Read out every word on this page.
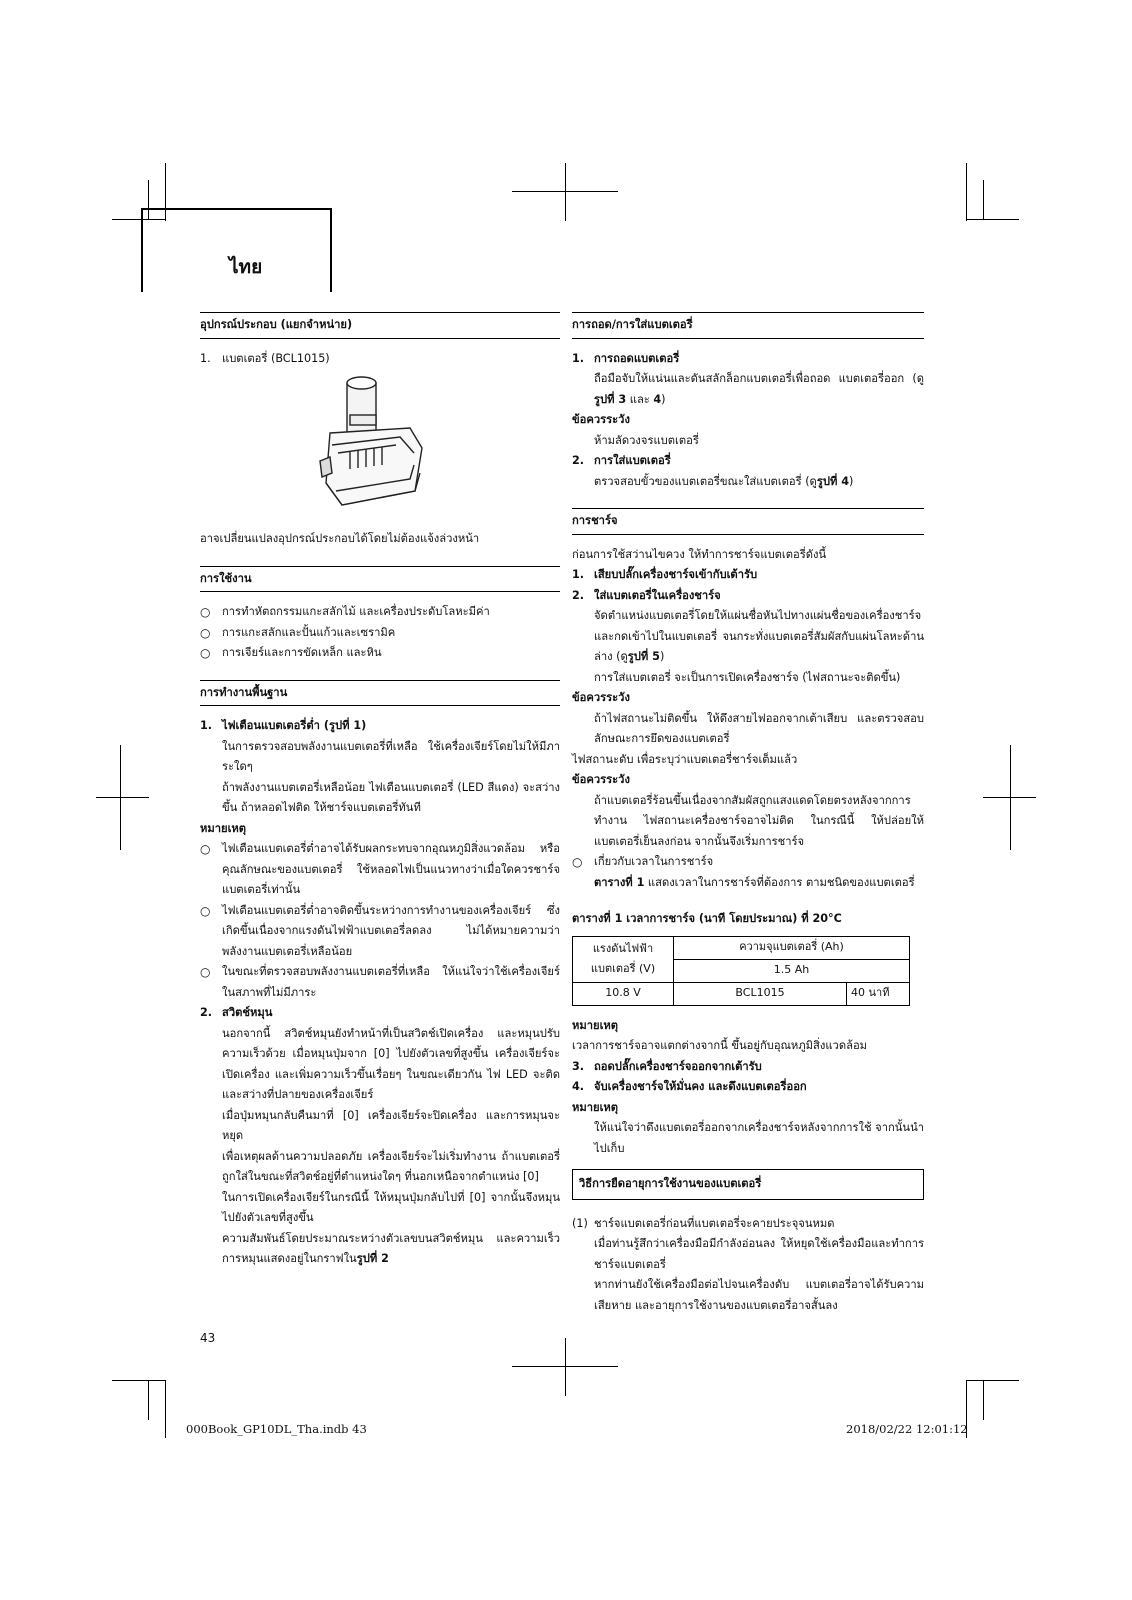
ไทย
อุปกรณ์ประกอบ (แยกจำหน่าย)
1.	แบตเตอรี่ (BCL1015)

อาจเปลี่ยนแปลงอุปกรณ์ประกอบได้โดยไม่ต้องแจ้งล่วงหน้า

การใช้งาน
○	การทำหัตถกรรมแกะสลักไม้ และเครื่องประดับโลหะมีค่า
○	การแกะสลักและปั้นแก้วและเซรามิค
○	การเจียร์และการขัดเหล็ก และหิน
การทำงานพื้นฐาน
1. ไฟเตือนแบตเตอรี่ต่ำ (รูปที่ 1)

ในการตรวจสอบพลังงานแบตเตอรี่ที่เหลือ ใช้เครื่องเจียร์โดยไม่ให้มีภาระใดๆ

ถ้าพลังงานแบตเตอรี่เหลือน้อย ไฟเตือนแบตเตอรี่ (LED สีแดง) จะสว่างขึ้น ถ้าหลอดไฟติด ให้ชาร์จแบตเตอรี่ทันที

หมายเหตุ

○	ไฟเตือนแบตเตอรี่ต่ำอาจได้รับผลกระทบจากอุณหภูมิสิ่งแวดล้อม หรือคุณลักษณะของแบตเตอรี่ ใช้หลอดไฟเป็นแนวทางว่าเมื่อใดควรชาร์จแบตเตอรี่เท่านั้น
○	ไฟเตือนแบตเตอรี่ต่ำอาจติดขึ้นระหว่างการทำงานของเครื่องเจียร์ ซึ่งเกิดขึ้นเนื่องจากแรงดันไฟฟ้าแบตเตอรี่ลดลง ไม่ได้หมายความว่าพลังงานแบตเตอรี่เหลือน้อย
○	ในขณะที่ตรวจสอบพลังงานแบตเตอรี่ที่เหลือ ให้แน่ใจว่าใช้เครื่องเจียร์ในสภาพที่ไม่มีภาระ
2. สวิตช์หมุน

นอกจากนี้ สวิตช์หมุนยังทำหน้าที่เป็นสวิตช์เปิดเครื่อง และหมุนปรับความเร็วด้วย เมื่อหมุนปุ่มจาก [0] ไปยังตัวเลขที่สูงขึ้น เครื่องเจียร์จะเปิดเครื่อง และเพิ่มความเร็วขึ้นเรื่อยๆ ในขณะเดียวกัน ไฟ LED จะติด และสว่างที่ปลายของเครื่องเจียร์

เมื่อปุ่มหมุนกลับคืนมาที่ [0] เครื่องเจียร์จะปิดเครื่อง และการหมุนจะหยุด

เพื่อเหตุผลด้านความปลอดภัย เครื่องเจียร์จะไม่เริ่มทำงาน ถ้าแบตเตอรี่ถูกใส่ในขณะที่สวิตช์อยู่ที่ตำแหน่งใดๆ ที่นอกเหนือจากตำแหน่ง [0]

ในการเปิดเครื่องเจียร์ในกรณีนี้ ให้หมุนปุ่มกลับไปที่ [0] จากนั้นจึงหมุนไปยังตัวเลขที่สูงขึ้น

ความสัมพันธ์โดยประมาณระหว่างตัวเลขบนสวิตช์หมุน และความเร็วการหมุนแสดงอยู่ในกราฟในรูปที่ 2

การถอด/การใส่แบตเตอรี่
1. การถอดแบตเตอรี่

ถือมือจับให้แน่นและดันสลักล็อกแบตเตอรี่เพื่อถอด แบตเตอรี่ออก (ดูรูปที่ 3 และ 4)

ข้อควรระวัง

ห้ามลัดวงจรแบตเตอรี่

2. การใส่แบตเตอรี่

ตรวจสอบขั้วของแบตเตอรี่ขณะใส่แบตเตอรี่ (ดูรูปที่ 4)

การชาร์จ

ก่อนการใช้สว่านไขควง ให้ทำการชาร์จแบตเตอรี่ดังนี้

1. เสียบปลั๊กเครื่องชาร์จเข้ากับเต้ารับ
2. ใส่แบตเตอรี่ในเครื่องชาร์จ

จัดตำแหน่งแบตเตอรี่โดยให้แผ่นชื่อหันไปทางแผ่นชื่อของเครื่องชาร์จ และกดเข้าไปในแบตเตอรี่ จนกระทั่งแบตเตอรี่สัมผัสกับแผ่นโลหะด้านล่าง (ดูรูปที่ 5)

การใส่แบตเตอรี่ จะเป็นการเปิดเครื่องชาร์จ (ไฟสถานะจะติดขึ้น)

ข้อควรระวัง

ถ้าไฟสถานะไม่ติดขึ้น ให้ดึงสายไฟออกจากเต้าเสียบ และตรวจสอบลักษณะการยึดของแบตเตอรี่

ไฟสถานะดับ เพื่อระบุว่าแบตเตอรี่ชาร์จเต็มแล้ว

ข้อควรระวัง

ถ้าแบตเตอรี่ร้อนขึ้นเนื่องจากสัมผัสถูกแสงแดดโดยตรงหลังจากการทำงาน ไฟสถานะเครื่องชาร์จอาจไม่ติด ในกรณีนี้ ให้ปล่อยให้แบตเตอรี่เย็นลงก่อน จากนั้นจึงเริ่มการชาร์จ

○	เกี่ยวกับเวลาในการชาร์จ

ตารางที่ 1 แสดงเวลาในการชาร์จที่ต้องการ ตามชนิดของแบตเตอรี่

ตารางที่ 1 เวลาการชาร์จ (นาที โดยประมาณ) ที่ 20°C

แรงดันไฟฟ้า
แบตเตอรี่ (V)	ความจุแบตเตอรี่ (Ah)	
	1.5 Ah	
10.8 V	BCL1015	40 นาที

หมายเหตุ

เวลาการชาร์จอาจแตกต่างจากนี้ ขึ้นอยู่กับอุณหภูมิสิ่งแวดล้อม

3. ถอดปลั๊กเครื่องชาร์จออกจากเต้ารับ
4. จับเครื่องชาร์จให้มั่นคง และดึงแบตเตอรี่ออก

หมายเหตุ

ให้แน่ใจว่าดึงแบตเตอรี่ออกจากเครื่องชาร์จหลังจากการใช้ จากนั้นนำไปเก็บ

วิธีการยืดอายุการใช้งานของแบตเตอรี่
(1) ชาร์จแบตเตอรี่ก่อนที่แบตเตอรี่จะคายประจุจนหมด

เมื่อท่านรู้สึกว่าเครื่องมือมีกำลังอ่อนลง ให้หยุดใช้เครื่องมือและทำการชาร์จแบตเตอรี่

หากท่านยังใช้เครื่องมือต่อไปจนเครื่องดับ แบตเตอรี่อาจได้รับความเสียหาย และอายุการใช้งานของแบตเตอรี่อาจสั้นลง

43
000Book_GP10DL_Tha.indb 43	2018/02/22 12:01:12
